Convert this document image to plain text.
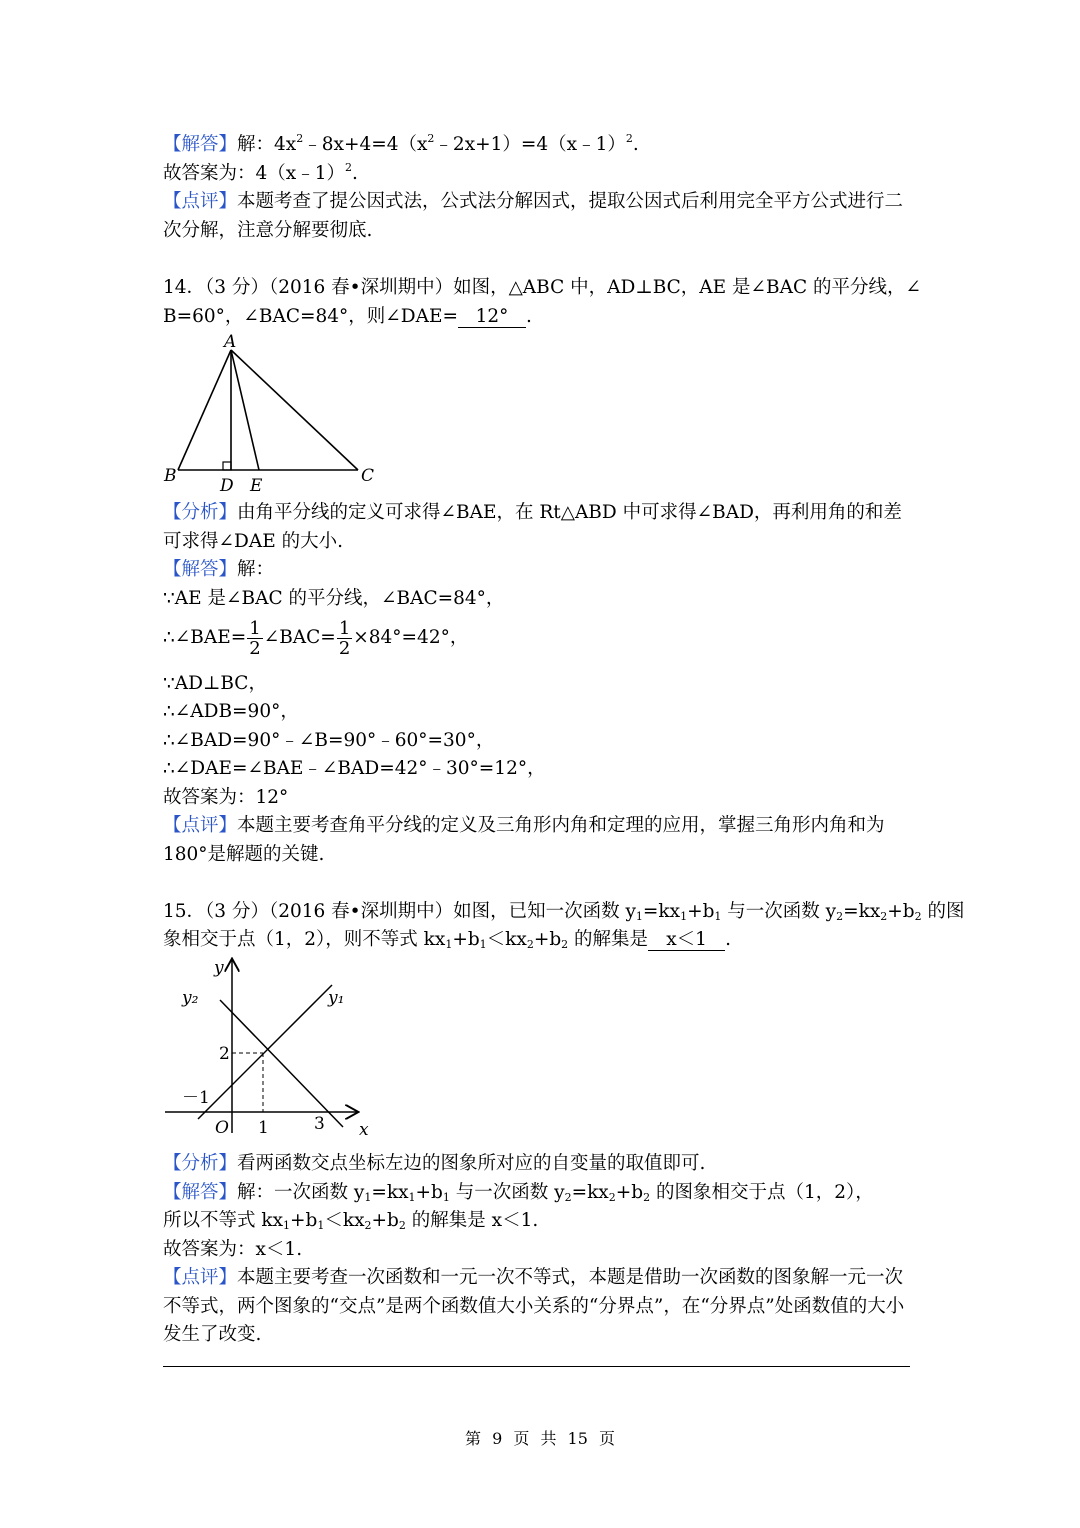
【解答】解：$4x^2﹣8x+4=4(x^2﹣2x+1)=4(x﹣1)^2$.
故答案为：4（x﹣1）$^2$.
【点评】本题考查了提公因式法，公式法分解因式，提取公因式后利用完全平方公式进行二
次分解，注意分解要彻底.
14．（3 分）（2016 春•深圳期中）如图，△ABC 中，AD⊥BC，AE 是∠BAC 的平分线，∠
B=60°，∠BAC=84°，则∠DAE= 12° .
A
B	C
D E
【分析】由角平分线的定义可求得∠BAE，在 Rt△ABD 中可求得∠BAD，再利用角的和差
可求得∠DAE 的大小.
【解答】解：
∵AE 是∠BAC 的平分线，∠BAC=84°，
∴∠BAE= $\frac{1}{2}$ ∠BAC= $\frac{1}{2} \times 84^\circ=42^\circ$，
∵AD⊥BC，
∴∠ADB=90°，
∴∠BAD=90°﹣∠B=90°﹣60°=30°，
∴∠DAE=∠BAE﹣∠BAD=42°﹣30°=12°，
故答案为：12°
【点评】本题主要考查角平分线的定义及三角形内角和定理的应用，掌握三角形内角和为
180°是解题的关键.
15．（3 分）（2016 春•深圳期中）如图，已知一次函数 $y_1=kx_1+b_1$ 与一次函数 $y_2=kx_2+b_2$ 的图
象相交于点（1，2），则不等式 $kx_1+b_1<kx_2+b_2$ 的解集是 x＜1 .
y
x
O
y₁
y₂
2
－1
1	3
【分析】看两函数交点坐标左边的图象所对应的自变量的取值即可.
【解答】解：一次函数 $y_1=kx_1+b_1$ 与一次函数 $y_2=kx_2+b_2$ 的图象相交于点（1，2），
所以不等式 $kx_1+b_1<kx_2+b_2$ 的解集是 x＜1.
故答案为：x＜1.
【点评】本题主要考查一次函数和一元一次不等式，本题是借助一次函数的图象解一元一次
不等式，两个图象的“交点”是两个函数值大小关系的“分界点”，在“分界点”处函数值的大小
发生了改变.
第 9 页 共 15 页
